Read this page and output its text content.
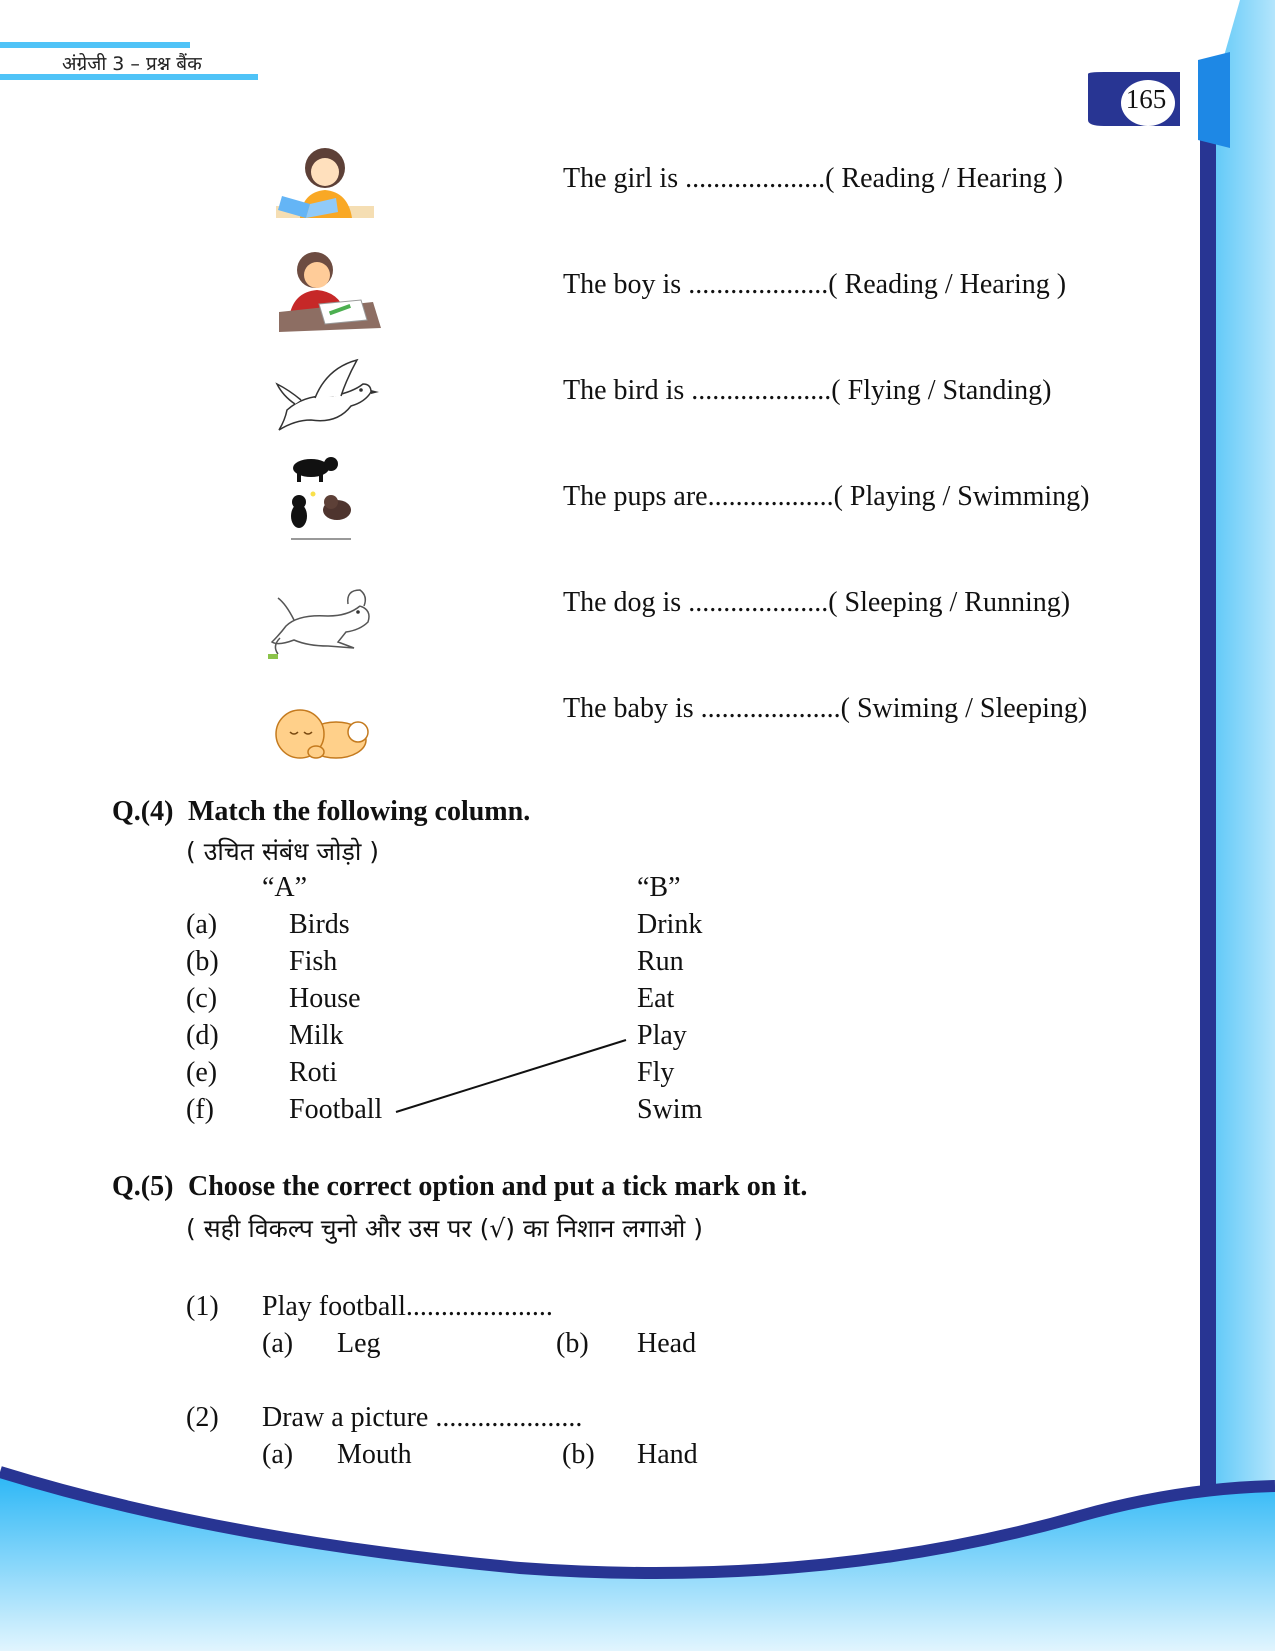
अंग्रेजी 3 – प्रश्न बैंक
165
The girl is ....................( Reading / Hearing )
The boy is ....................( Reading / Hearing )
The bird is ....................( Flying / Standing)
The pups are..................( Playing / Swimming)
The dog is ....................( Sleeping / Running)
The baby is ....................( Swiming / Sleeping)
Q.(4) Match the following column.
( उचित संबंध जोड़ो )
“A”	“B”
(a)	Birds	Drink
(b)	Fish	Run
(c)	House	Eat
(d)	Milk	Play
(e)	Roti	Fly
(f)	Football	Swim
Q.(5) Choose the correct option and put a tick mark on it.
( सही विकल्प चुनो और उस पर (√) का निशान लगाओ )
(1) Play football.....................
(a) Leg	(b) Head
(2) Draw a picture .....................
(a) Mouth	(b) Hand
